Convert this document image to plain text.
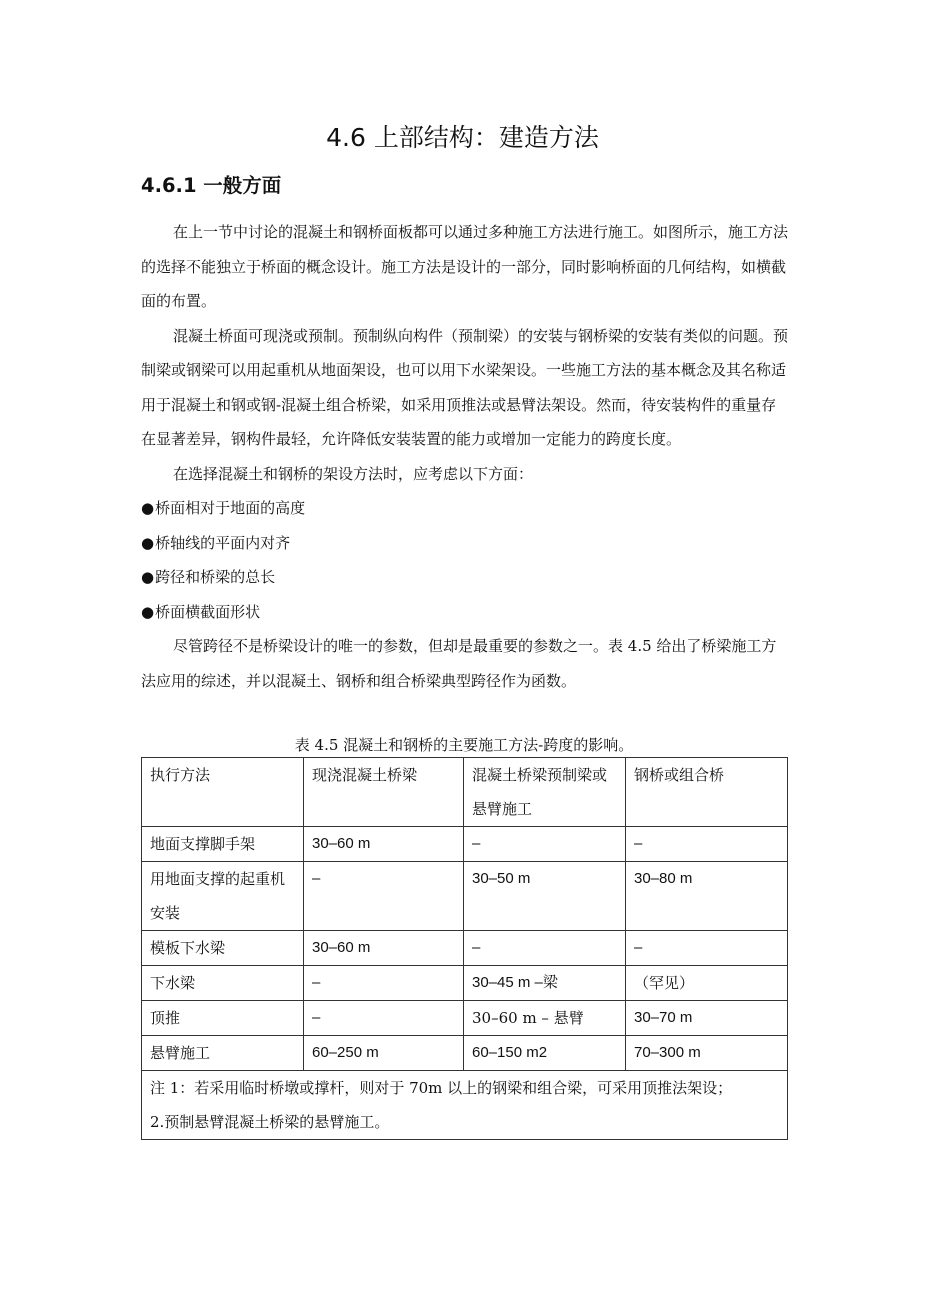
4.6 上部结构：建造方法
4.6.1 一般方面

在上一节中讨论的混凝土和钢桥面板都可以通过多种施工方法进行施工。如图所示，施工方法的选择不能独立于桥面的概念设计。施工方法是设计的一部分，同时影响桥面的几何结构，如横截面的布置。

混凝土桥面可现浇或预制。预制纵向构件（预制梁）的安装与钢桥梁的安装有类似的问题。预制梁或钢梁可以用起重机从地面架设，也可以用下水梁架设。一些施工方法的基本概念及其名称适用于混凝土和钢或钢-混凝土组合桥梁，如采用顶推法或悬臂法架设。然而，待安装构件的重量存在显著差异，钢构件最轻，允许降低安装装置的能力或增加一定能力的跨度长度。

在选择混凝土和钢桥的架设方法时，应考虑以下方面：

● 桥面相对于地面的高度
● 桥轴线的平面内对齐
● 跨径和桥梁的总长
● 桥面横截面形状

尽管跨径不是桥梁设计的唯一的参数，但却是最重要的参数之一。表 4.5 给出了桥梁施工方法应用的综述，并以混凝土、钢桥和组合桥梁典型跨径作为函数。

表 4.5 混凝土和钢桥的主要施工方法-跨度的影响。

执行方法	现浇混凝土桥梁	混凝土桥梁预制梁或悬臂施工	钢桥或组合桥
地面支撑脚手架	30–60 m	–	–
用地面支撑的起重机安装	–	30–50 m	30–80 m
模板下水梁	30–60 m	–	–
下水梁	–	30–45 m –梁	（罕见）
顶推	–	30–60 m – 悬臂	30–70 m
悬臂施工	60–250 m	60–150 m2	70–300 m

注 1：若采用临时桥墩或撑杆，则对于 70m 以上的钢梁和组合梁，可采用顶推法架设；
2.预制悬臂混凝土桥梁的悬臂施工。			
